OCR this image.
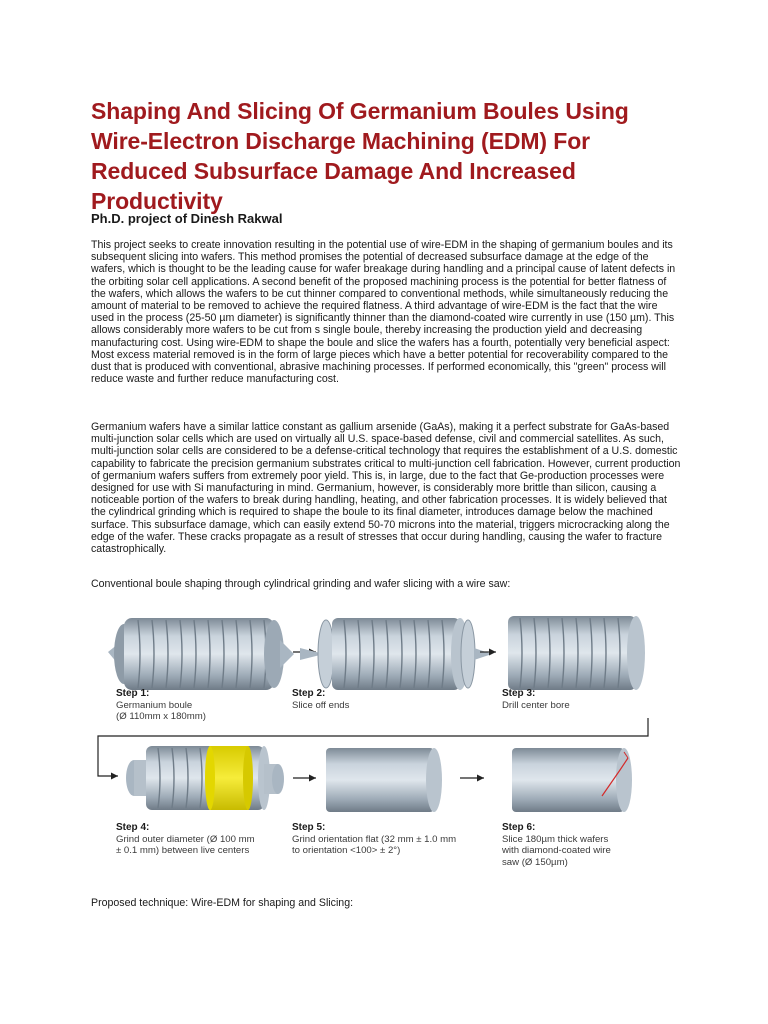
Shaping And Slicing Of Germanium Boules Using Wire-Electron Discharge Machining (EDM) For Reduced Subsurface Damage And Increased Productivity

Ph.D. project of Dinesh Rakwal

This project seeks to create innovation resulting in the potential use of wire-EDM in the shaping of germanium boules and its subsequent slicing into wafers. This method promises the potential of decreased subsurface damage at the edge of the wafers, which is thought to be the leading cause for wafer breakage during handling and a principal cause of latent defects in the orbiting solar cell applications. A second benefit of the proposed machining process is the potential for better flatness of the wafers, which allows the wafers to be cut thinner compared to conventional methods, while simultaneously reducing the amount of material to be removed to achieve the required flatness. A third advantage of wire-EDM is the fact that the wire used in the process (25-50 µm diameter) is significantly thinner than the diamond-coated wire currently in use (150 µm). This allows considerably more wafers to be cut from s single boule, thereby increasing the production yield and decreasing manufacturing cost. Using wire-EDM to shape the boule and slice the wafers has a fourth, potentially very beneficial aspect: Most excess material removed is in the form of large pieces which have a better potential for recoverability compared to the dust that is produced with conventional, abrasive machining processes. If performed economically, this "green" process will reduce waste and further reduce manufacturing cost.

Germanium wafers have a similar lattice constant as gallium arsenide (GaAs), making it a perfect substrate for GaAs-based multi-junction solar cells which are used on virtually all U.S. space-based defense, civil and commercial satellites. As such, multi-junction solar cells are considered to be a defense-critical technology that requires the establishment of a U.S. domestic capability to fabricate the precision germanium substrates critical to multi-junction cell fabrication. However, current production of germanium wafers suffers from extremely poor yield. This is, in large, due to the fact that Ge-production processes were designed for use with Si manufacturing in mind. Germanium, however, is considerably more brittle than silicon, causing a noticeable portion of the wafers to break during handling, heating, and other fabrication processes. It is widely believed that the cylindrical grinding which is required to shape the boule to its final diameter, introduces damage below the machined surface. This subsurface damage, which can easily extend 50-70 microns into the material, triggers microcracking along the edge of the wafer. These cracks propagate as a result of stresses that occur during handling, causing the wafer to fracture catastrophically.

Conventional boule shaping through cylindrical grinding and wafer slicing with a wire saw:

Step 1:
Germanium boule
(Ø 110mm x 180mm)
Step 2:
Slice off ends
Step 3:
Drill center bore
Step 4:
Grind outer diameter (Ø 100 mm
± 0.1 mm) between live centers
Step 5:
Grind orientation flat (32 mm ± 1.0 mm
to orientation <100> ± 2°)
Step 6:
Slice 180µm thick wafers
with diamond-coated wire
saw (Ø 150µm)

Proposed technique: Wire-EDM for shaping and Slicing:
